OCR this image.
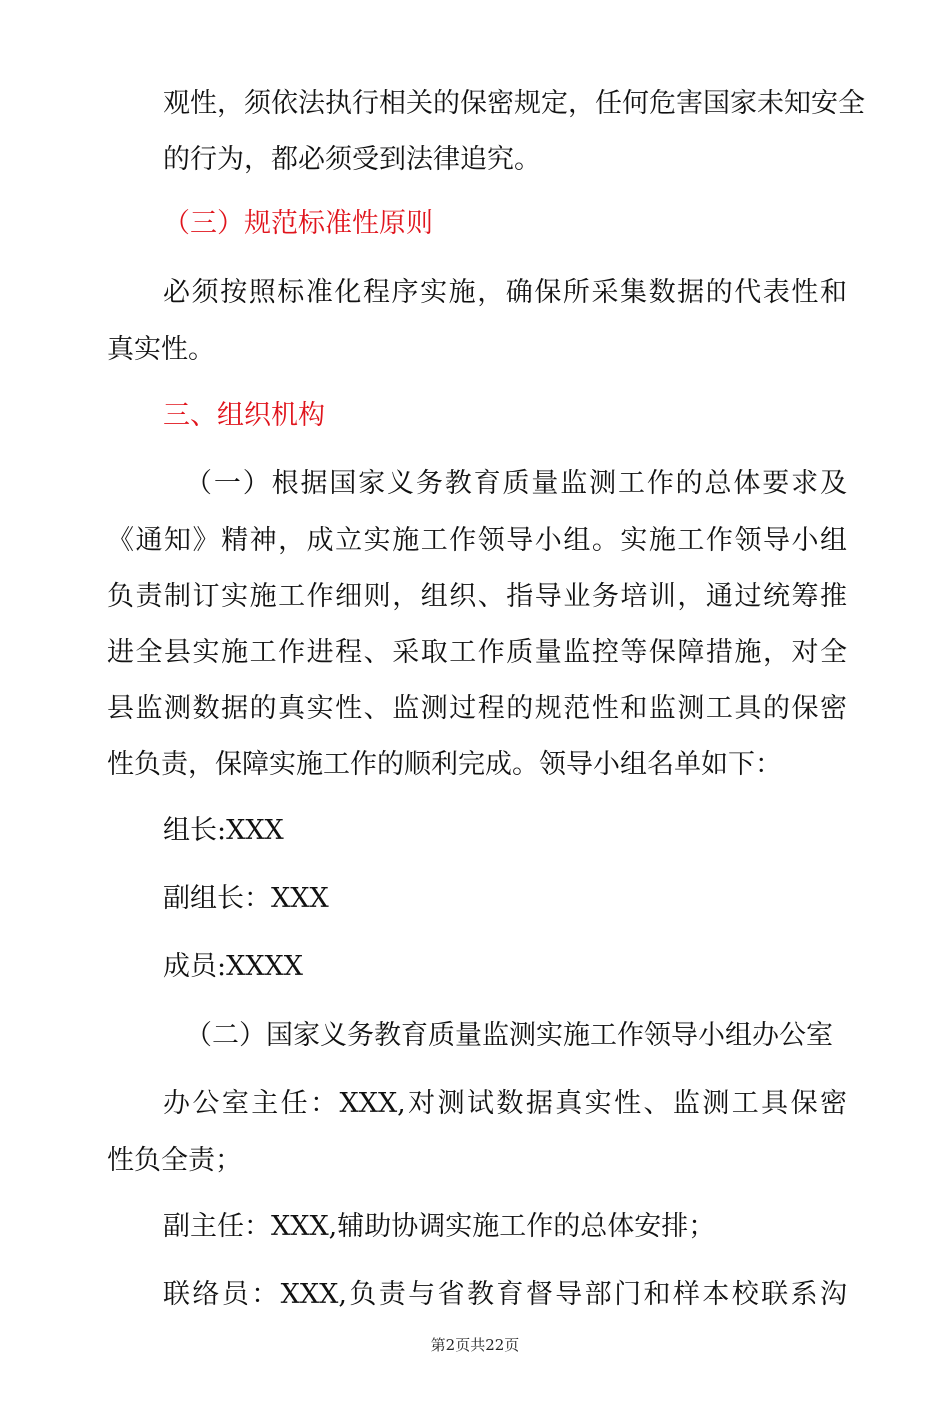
观性，须依法执行相关的保密规定，任何危害国家未知安全
的行为，都必须受到法律追究。
（三）规范标准性原则
必须按照标准化程序实施，确保所采集数据的代表性和
真实性。
三、组织机构
（一）根据国家义务教育质量监测工作的总体要求及
《通知》精神，成立实施工作领导小组。实施工作领导小组
负责制订实施工作细则，组织、指导业务培训，通过统筹推
进全县实施工作进程、采取工作质量监控等保障措施，对全
县监测数据的真实性、监测过程的规范性和监测工具的保密
性负责，保障实施工作的顺利完成。领导小组名单如下：
组长:XXX
副组长：XXX
成员:XXXX
（二）国家义务教育质量监测实施工作领导小组办公室
办公室主任：XXX,对测试数据真实性、监测工具保密
性负全责；
副主任：XXX,辅助协调实施工作的总体安排；
联络员：XXX,负责与省教育督导部门和样本校联系沟
第2页共22页
